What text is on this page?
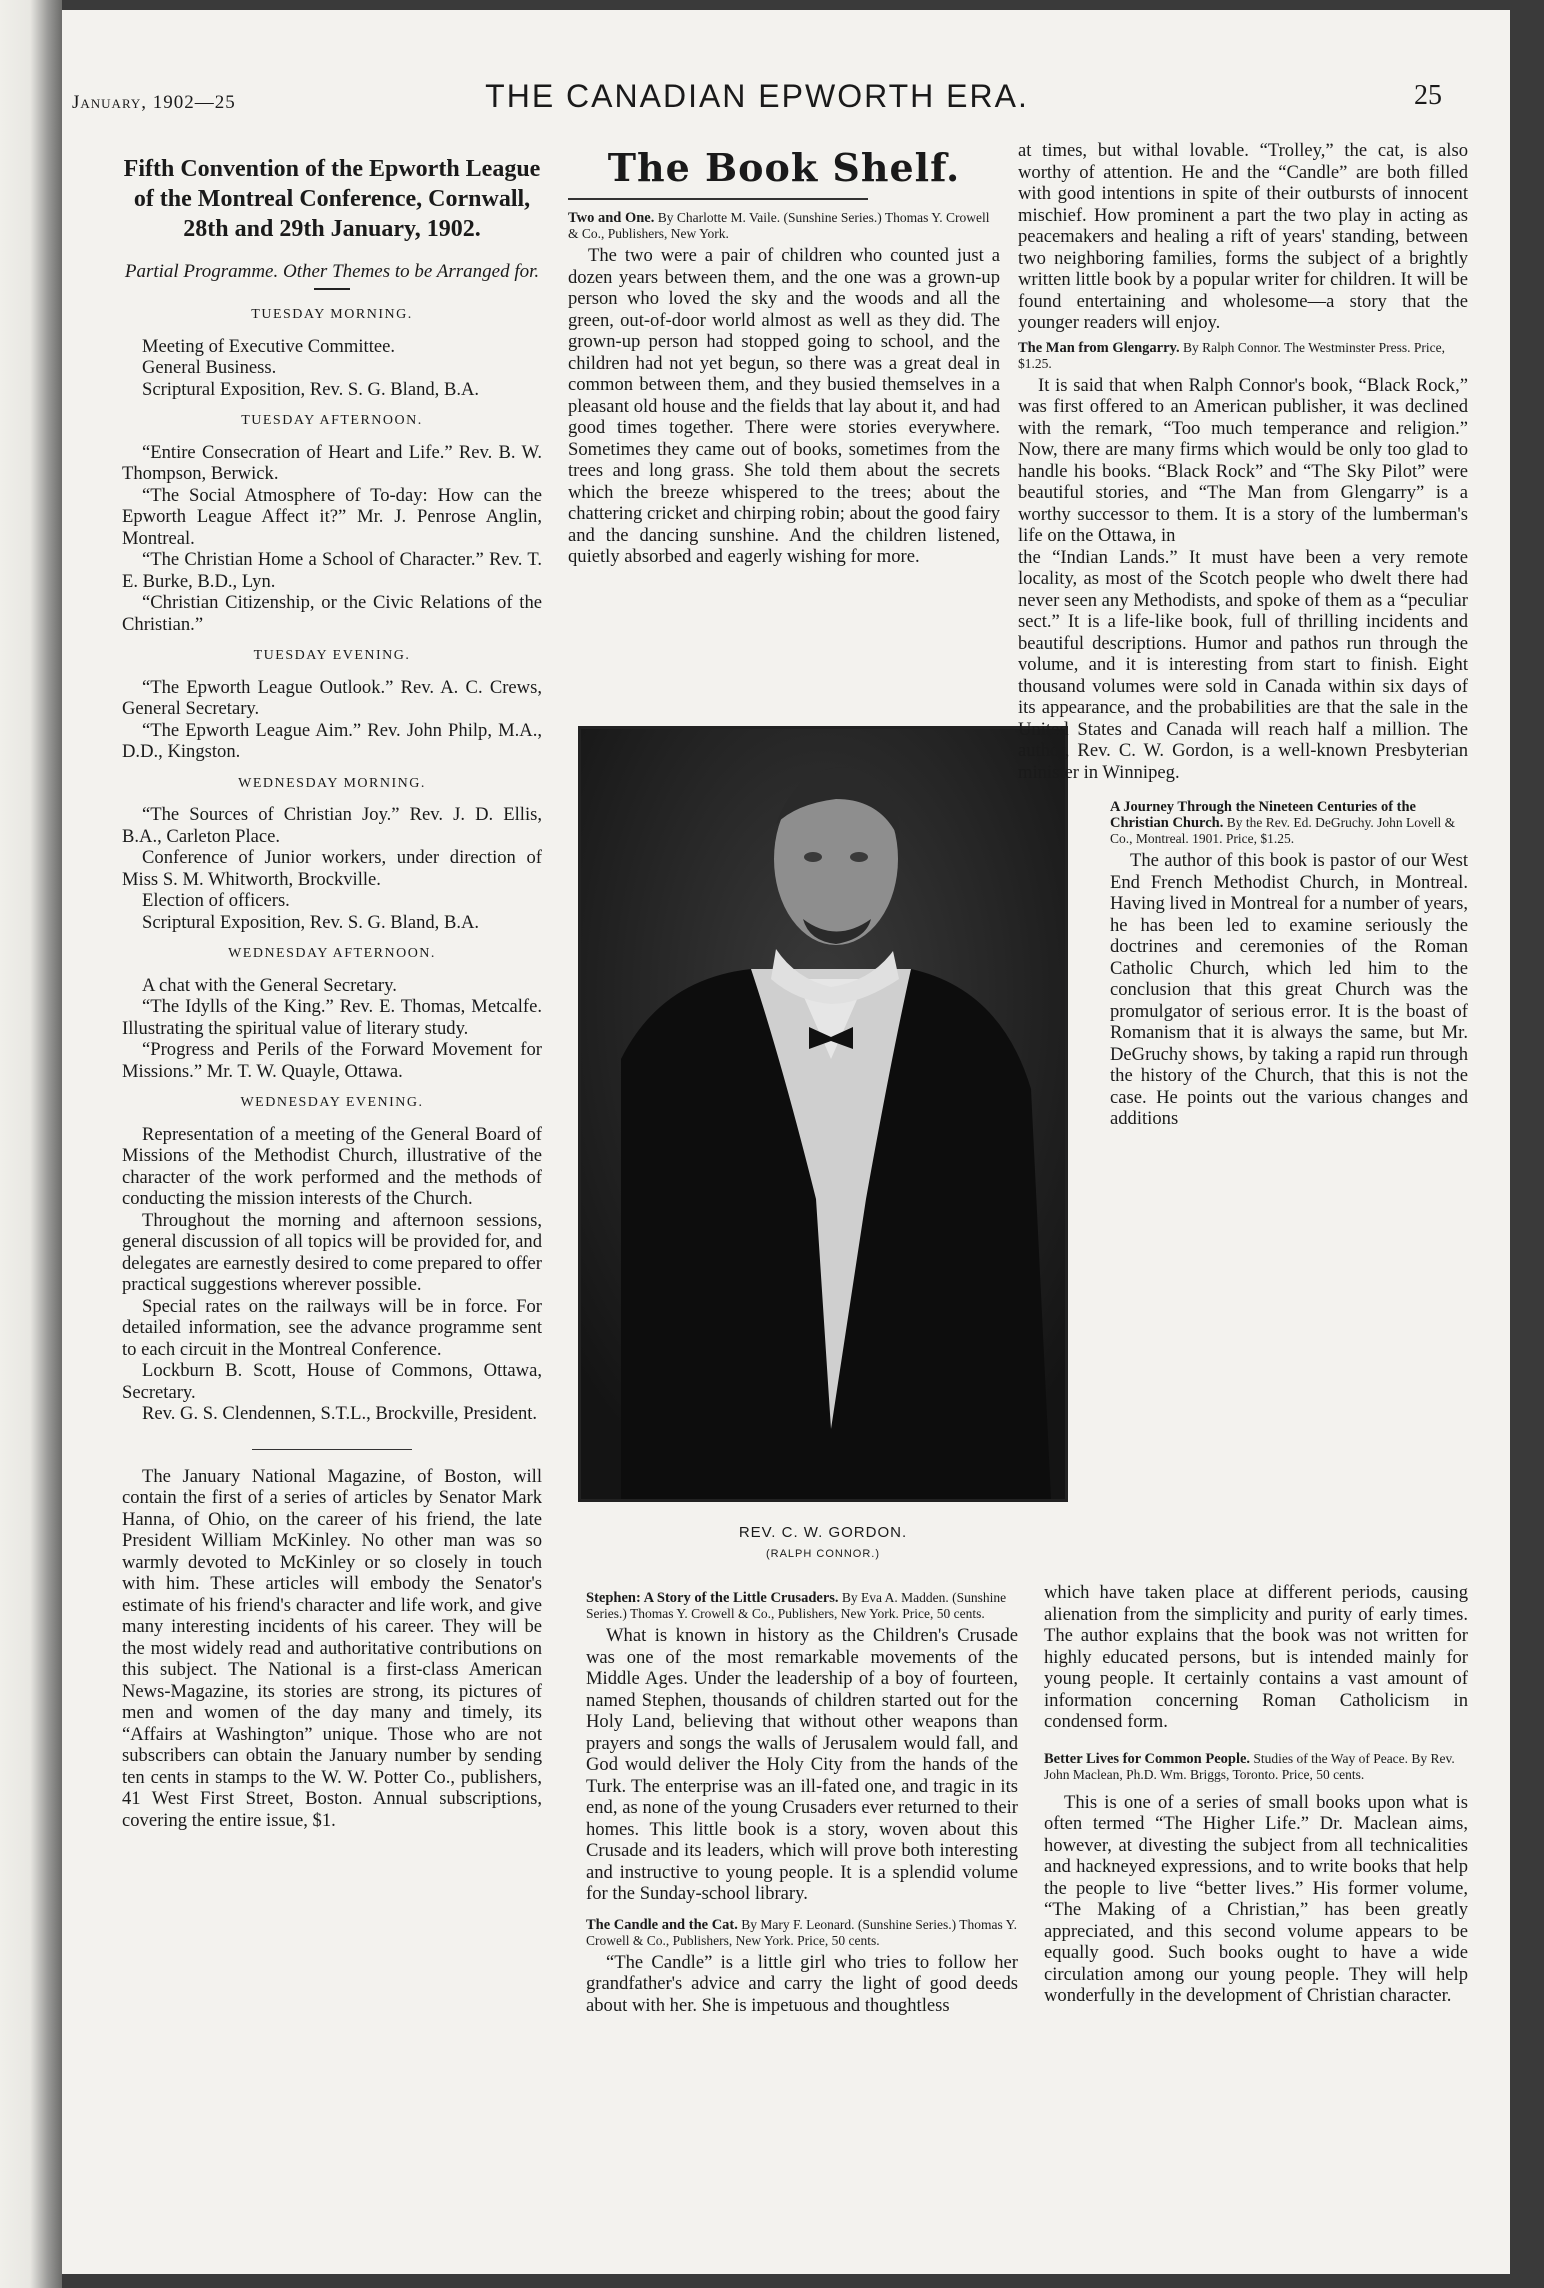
January, 1902—25	THE CANADIAN EPWORTH ERA.	25
Fifth Convention of the Epworth League of the Montreal Conference, Cornwall, 28th and 29th January, 1902.
Partial Programme. Other Themes to be Arranged for.
TUESDAY MORNING.

Meeting of Executive Committee.

General Business.

Scriptural Exposition, Rev. S. G. Bland, B.A.

TUESDAY AFTERNOON.

“Entire Consecration of Heart and Life.” Rev. B. W. Thompson, Berwick.

“The Social Atmosphere of To-day: How can the Epworth League Affect it?” Mr. J. Penrose Anglin, Montreal.

“The Christian Home a School of Character.” Rev. T. E. Burke, B.D., Lyn.

“Christian Citizenship, or the Civic Relations of the Christian.”

TUESDAY EVENING.

“The Epworth League Outlook.” Rev. A. C. Crews, General Secretary.

“The Epworth League Aim.” Rev. John Philp, M.A., D.D., Kingston.

WEDNESDAY MORNING.

“The Sources of Christian Joy.” Rev. J. D. Ellis, B.A., Carleton Place.

Conference of Junior workers, under direction of Miss S. M. Whitworth, Brockville.

Election of officers.

Scriptural Exposition, Rev. S. G. Bland, B.A.

WEDNESDAY AFTERNOON.

A chat with the General Secretary.

“The Idylls of the King.” Rev. E. Thomas, Metcalfe. Illustrating the spiritual value of literary study.

“Progress and Perils of the Forward Movement for Missions.” Mr. T. W. Quayle, Ottawa.

WEDNESDAY EVENING.

Representation of a meeting of the General Board of Missions of the Methodist Church, illustrative of the character of the work performed and the methods of conducting the mission interests of the Church.

Throughout the morning and afternoon sessions, general discussion of all topics will be provided for, and delegates are earnestly desired to come prepared to offer practical suggestions wherever possible.

Special rates on the railways will be in force. For detailed information, see the advance programme sent to each circuit in the Montreal Conference.

Lockburn B. Scott, House of Commons, Ottawa, Secretary.

Rev. G. S. Clendennen, S.T.L., Brockville, President.

The January National Magazine, of Boston, will contain the first of a series of articles by Senator Mark Hanna, of Ohio, on the career of his friend, the late President William McKinley. No other man was so warmly devoted to McKinley or so closely in touch with him. These articles will embody the Senator's estimate of his friend's character and life work, and give many interesting incidents of his career. They will be the most widely read and authoritative contributions on this subject. The National is a first-class American News-Magazine, its stories are strong, its pictures of men and women of the day many and timely, its “Affairs at Washington” unique. Those who are not subscribers can obtain the January number by sending ten cents in stamps to the W. W. Potter Co., publishers, 41 West First Street, Boston. Annual subscriptions, covering the entire issue, $1.

The Book Shelf.
Two and One. By Charlotte M. Vaile. (Sunshine Series.) Thomas Y. Crowell & Co., Publishers, New York.

The two were a pair of children who counted just a dozen years between them, and the one was a grown-up person who loved the sky and the woods and all the green, out-of-door world almost as well as they did. The grown-up person had stopped going to school, and the children had not yet begun, so there was a great deal in common between them, and they busied themselves in a pleasant old house and the fields that lay about it, and had good times together. There were stories everywhere. Sometimes they came out of books, sometimes from the trees and long grass. She told them about the secrets which the breeze whispered to the trees; about the chattering cricket and chirping robin; about the good fairy and the dancing sunshine. And the children listened, quietly absorbed and eagerly wishing for more.

REV. C. W. GORDON.
(RALPH CONNOR.)
Stephen: A Story of the Little Crusaders. By Eva A. Madden. (Sunshine Series.) Thomas Y. Crowell & Co., Publishers, New York. Price, 50 cents.

What is known in history as the Children's Crusade was one of the most remarkable movements of the Middle Ages. Under the leadership of a boy of fourteen, named Stephen, thousands of children started out for the Holy Land, believing that without other weapons than prayers and songs the walls of Jerusalem would fall, and God would deliver the Holy City from the hands of the Turk. The enterprise was an ill-fated one, and tragic in its end, as none of the young Crusaders ever returned to their homes. This little book is a story, woven about this Crusade and its leaders, which will prove both interesting and instructive to young people. It is a splendid volume for the Sunday-school library.

The Candle and the Cat. By Mary F. Leonard. (Sunshine Series.) Thomas Y. Crowell & Co., Publishers, New York. Price, 50 cents.

“The Candle” is a little girl who tries to follow her grandfather's advice and carry the light of good deeds about with her. She is impetuous and thoughtless

at times, but withal lovable. “Trolley,” the cat, is also worthy of attention. He and the “Candle” are both filled with good intentions in spite of their outbursts of innocent mischief. How prominent a part the two play in acting as peacemakers and healing a rift of years' standing, between two neighboring families, forms the subject of a brightly written little book by a popular writer for children. It will be found entertaining and wholesome—a story that the younger readers will enjoy.

The Man from Glengarry. By Ralph Connor. The Westminster Press. Price, $1.25.

It is said that when Ralph Connor's book, “Black Rock,” was first offered to an American publisher, it was declined with the remark, “Too much temperance and religion.” Now, there are many firms which would be only too glad to handle his books. “Black Rock” and “The Sky Pilot” were beautiful stories, and “The Man from Glengarry” is a worthy successor to them. It is a story of the lumberman's life on the Ottawa, in

the “Indian Lands.” It must have been a very remote locality, as most of the Scotch people who dwelt there had never seen any Methodists, and spoke of them as a “peculiar sect.” It is a life-like book, full of thrilling incidents and beautiful descriptions. Humor and pathos run through the volume, and it is interesting from start to finish. Eight thousand volumes were sold in Canada within six days of its appearance, and the probabilities are that the sale in the United States and Canada will reach half a million. The author, Rev. C. W. Gordon, is a well-known Presbyterian minister in Winnipeg.

A Journey Through the Nineteen Centuries of the Christian Church. By the Rev. Ed. DeGruchy. John Lovell & Co., Montreal. 1901. Price, $1.25.

The author of this book is pastor of our West End French Methodist Church, in Montreal. Having lived in Montreal for a number of years, he has been led to examine seriously the doctrines and ceremonies of the Roman Catholic Church, which led him to the conclusion that this great Church was the promulgator of serious error. It is the boast of Romanism that it is always the same, but Mr. DeGruchy shows, by taking a rapid run through the history of the Church, that this is not the case. He points out the various changes and additions

which have taken place at different periods, causing alienation from the simplicity and purity of early times. The author explains that the book was not written for highly educated persons, but is intended mainly for young people. It certainly contains a vast amount of information concerning Roman Catholicism in condensed form.

Better Lives for Common People. Studies of the Way of Peace. By Rev. John Maclean, Ph.D. Wm. Briggs, Toronto. Price, 50 cents.

This is one of a series of small books upon what is often termed “The Higher Life.” Dr. Maclean aims, however, at divesting the subject from all technicalities and hackneyed expressions, and to write books that help the people to live “better lives.” His former volume, “The Making of a Christian,” has been greatly appreciated, and this second volume appears to be equally good. Such books ought to have a wide circulation among our young people. They will help wonderfully in the development of Christian character.
